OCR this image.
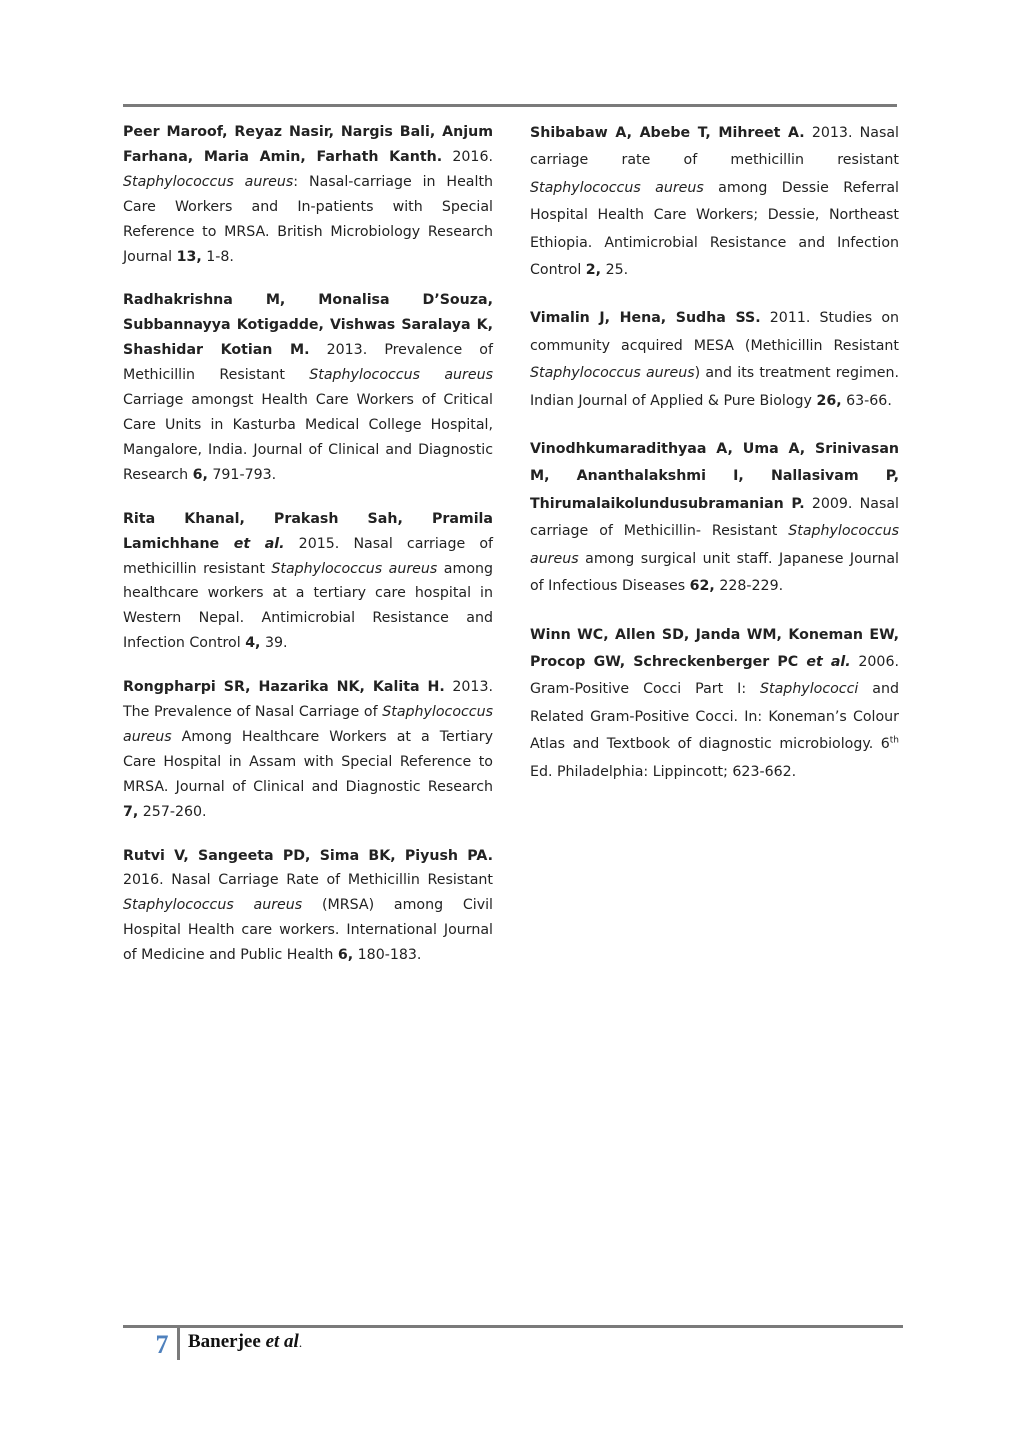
Peer Maroof, Reyaz Nasir, Nargis Bali, Anjum Farhana, Maria Amin, Farhath Kanth. 2016. Staphylococcus aureus: Nasal-carriage in Health Care Workers and In-patients with Special Reference to MRSA. British Microbiology Research Journal 13, 1-8.

Radhakrishna M, Monalisa D’Souza, Subbannayya Kotigadde, Vishwas Saralaya K, Shashidar Kotian M. 2013. Prevalence of Methicillin Resistant Staphylococcus aureus Carriage amongst Health Care Workers of Critical Care Units in Kasturba Medical College Hospital, Mangalore, India. Journal of Clinical and Diagnostic Research 6, 791-793.

Rita Khanal, Prakash Sah, Pramila Lamichhane et al. 2015. Nasal carriage of methicillin resistant Staphylococcus aureus among healthcare workers at a tertiary care hospital in Western Nepal. Antimicrobial Resistance and Infection Control 4, 39.

Rongpharpi SR, Hazarika NK, Kalita H. 2013. The Prevalence of Nasal Carriage of Staphylococcus aureus Among Healthcare Workers at a Tertiary Care Hospital in Assam with Special Reference to MRSA. Journal of Clinical and Diagnostic Research 7, 257-260.

Rutvi V, Sangeeta PD, Sima BK, Piyush PA. 2016. Nasal Carriage Rate of Methicillin Resistant Staphylococcus aureus (MRSA) among Civil Hospital Health care workers. International Journal of Medicine and Public Health 6, 180-183.

Shibabaw A, Abebe T, Mihreet A. 2013. Nasal carriage rate of methicillin resistant Staphylococcus aureus among Dessie Referral Hospital Health Care Workers; Dessie, Northeast Ethiopia. Antimicrobial Resistance and Infection Control 2, 25.

Vimalin J, Hena, Sudha SS. 2011. Studies on community acquired MESA (Methicillin Resistant Staphylococcus aureus) and its treatment regimen. Indian Journal of Applied & Pure Biology 26, 63-66.

Vinodhkumaradithyaa A, Uma A, Srinivasan M, Ananthalakshmi I, Nallasivam P, Thirumalaikolundusubramanian P. 2009. Nasal carriage of Methicillin- Resistant Staphylococcus aureus among surgical unit staff. Japanese Journal of Infectious Diseases 62, 228-229.

Winn WC, Allen SD, Janda WM, Koneman EW, Procop GW, Schreckenberger PC et al. 2006. Gram-Positive Cocci Part I: Staphylococci and Related Gram-Positive Cocci. In: Koneman’s Colour Atlas and Textbook of diagnostic microbiology. 6th Ed. Philadelphia: Lippincott; 623-662.

7 Banerjee et al.
